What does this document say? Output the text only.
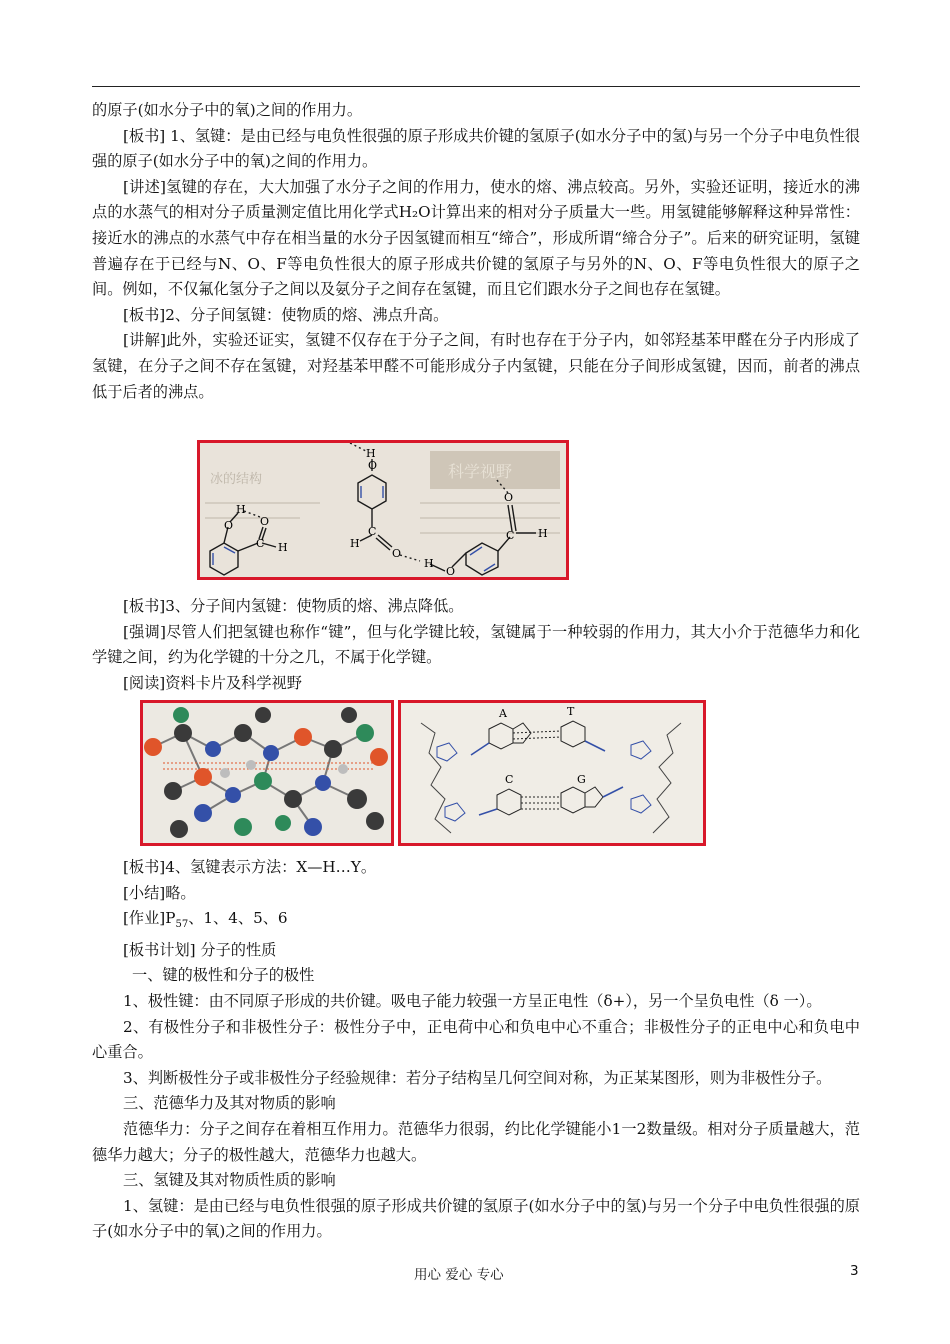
的原子(如水分子中的氧)之间的作用力。

[板书] 1、氢键：是由已经与电负性很强的原子形成共价键的氢原子(如水分子中的氢)与另一个分子中电负性很强的原子(如水分子中的氧)之间的作用力。

[讲述]氢键的存在，大大加强了水分子之间的作用力，使水的熔、沸点较高。另外，实验还证明，接近水的沸点的水蒸气的相对分子质量测定值比用化学式H₂O计算出来的相对分子质量大一些。用氢键能够解释这种异常性：接近水的沸点的水蒸气中存在相当量的水分子因氢键而相互“缔合”，形成所谓“缔合分子”。后来的研究证明，氢键普遍存在于已经与N、O、F等电负性很大的原子形成共价键的氢原子与另外的N、O、F等电负性很大的原子之间。例如，不仅氟化氢分子之间以及氨分子之间存在氢键，而且它们跟水分子之间也存在氢键。

[板书]2、分子间氢键：使物质的熔、沸点升高。

[讲解]此外，实验还证实，氢键不仅存在于分子之间，有时也存在于分子内，如邻羟基苯甲醛在分子内形成了氢键，在分子之间不存在氢键，对羟基苯甲醛不可能形成分子内氢键，只能在分子间形成氢键，因而，前者的沸点低于后者的沸点。

科学视野
冰的结构
O
H
O
C H
H
O
C
H
O
H
O
C H
O

[板书]3、分子间内氢键：使物质的熔、沸点降低。

[强调]尽管人们把氢键也称作“键”，但与化学键比较，氢键属于一种较弱的作用力，其大小介于范德华力和化学键之间，约为化学键的十分之几，不属于化学键。

[阅读]资料卡片及科学视野

A	T
C	G

[板书]4、氢键表示方法：X—H…Y。

[小结]略。

[作业]$P_{57}$、1、4、5、6

[板书计划] 分子的性质

一、键的极性和分子的极性

1、极性键：由不同原子形成的共价键。吸电子能力较强一方呈正电性（δ+），另一个呈负电性（δ 一）。

2、有极性分子和非极性分子：极性分子中，正电荷中心和负电中心不重合；非极性分子的正电中心和负电中心重合。

3、判断极性分子或非极性分子经验规律：若分子结构呈几何空间对称，为正某某图形，则为非极性分子。

三、范德华力及其对物质的影响

范德华力：分子之间存在着相互作用力。范德华力很弱，约比化学键能小1一2数量级。相对分子质量越大，范德华力越大；分子的极性越大，范德华力也越大。

三、氢键及其对物质性质的影响

1、氢键：是由已经与电负性很强的原子形成共价键的氢原子(如水分子中的氢)与另一个分子中电负性很强的原子(如水分子中的氧)之间的作用力。

用心 爱心 专心	3
